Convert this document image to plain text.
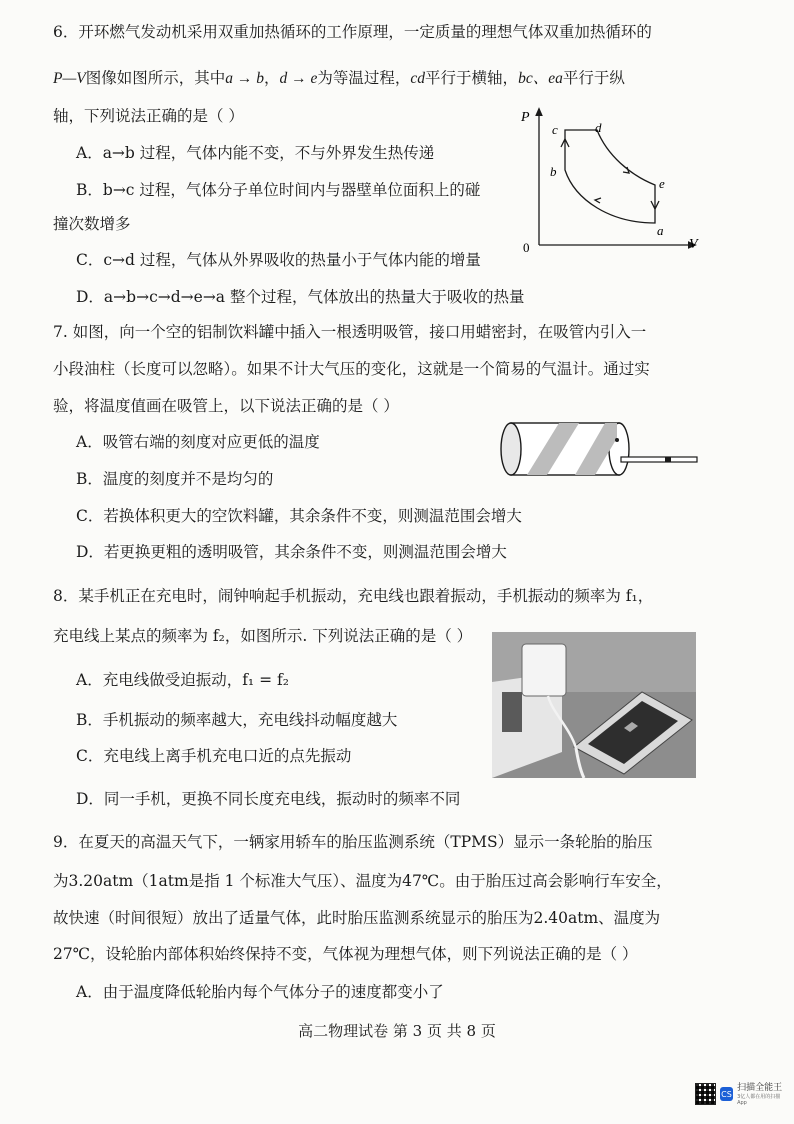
6．开环燃气发动机采用双重加热循环的工作原理，一定质量的理想气体双重加热循环的
P—V图像如图所示，其中a → b，d → e为等温过程，cd平行于横轴，bc、ea平行于纵
轴，下列说法正确的是（ ）
A．a→b 过程，气体内能不变，不与外界发生热传递
B．b→c 过程，气体分子单位时间内与器壁单位面积上的碰
撞次数增多
C．c→d 过程，气体从外界吸收的热量小于气体内能的增量
D．a→b→c→d→e→a 整个过程，气体放出的热量大于吸收的热量
P
V
0
a
b
c	d
e
7. 如图，向一个空的铝制饮料罐中插入一根透明吸管，接口用蜡密封，在吸管内引入一
小段油柱（长度可以忽略）。如果不计大气压的变化，这就是一个简易的气温计。通过实
验，将温度值画在吸管上，以下说法正确的是（ ）
A．吸管右端的刻度对应更低的温度
B．温度的刻度并不是均匀的
C．若换体积更大的空饮料罐，其余条件不变，则测温范围会增大
D．若更换更粗的透明吸管，其余条件不变，则测温范围会增大
8．某手机正在充电时，闹钟响起手机振动，充电线也跟着振动，手机振动的频率为 f₁，
充电线上某点的频率为 f₂，如图所示. 下列说法正确的是（ ）
A．充电线做受迫振动，f₁ = f₂
B．手机振动的频率越大，充电线抖动幅度越大
C．充电线上离手机充电口近的点先振动
D．同一手机，更换不同长度充电线，振动时的频率不同
9．在夏天的高温天气下，一辆家用轿车的胎压监测系统（TPMS）显示一条轮胎的胎压
为3.20atm（1atm是指 1 个标准大气压）、温度为47℃。由于胎压过高会影响行车安全，
故快速（时间很短）放出了适量气体，此时胎压监测系统显示的胎压为2.40atm、温度为
27℃，设轮胎内部体积始终保持不变，气体视为理想气体，则下列说法正确的是（ ）
A．由于温度降低轮胎内每个气体分子的速度都变小了
高二物理试卷 第 3 页 共 8 页
CS
扫描全能王
3亿人都在用的扫描App
